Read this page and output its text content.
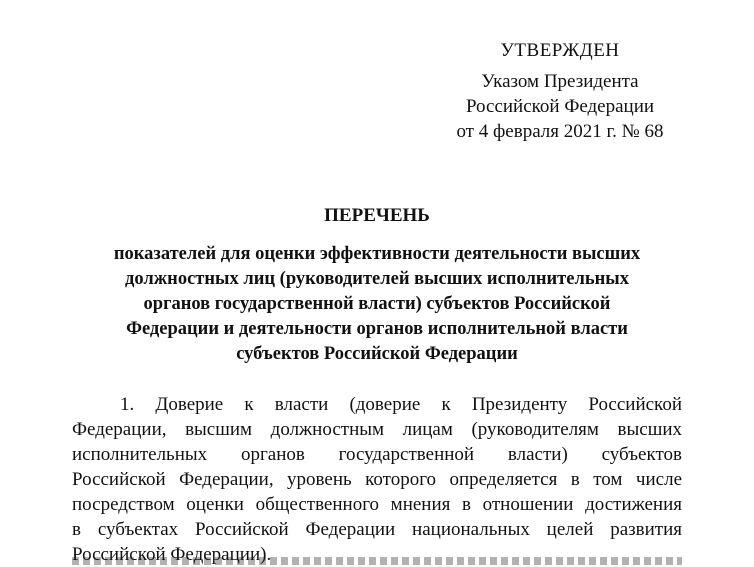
УТВЕРЖДЕН
Указом Президента
Российской Федерации
от 4 февраля 2021 г. № 68
ПЕРЕЧЕНЬ
показателей для оценки эффективности деятельности высших
должностных лиц (руководителей высших исполнительных
органов государственной власти) субъектов Российской
Федерации и деятельности органов исполнительной власти
субъектов Российской Федерации
1. Доверие к власти (доверие к Президенту Российской
Федерации, высшим должностным лицам (руководителям высших
исполнительных органов государственной власти) субъектов
Российской Федерации, уровень которого определяется в том числе
посредством оценки общественного мнения в отношении достижения
в субъектах Российской Федерации национальных целей развития
Российской Федерации).
